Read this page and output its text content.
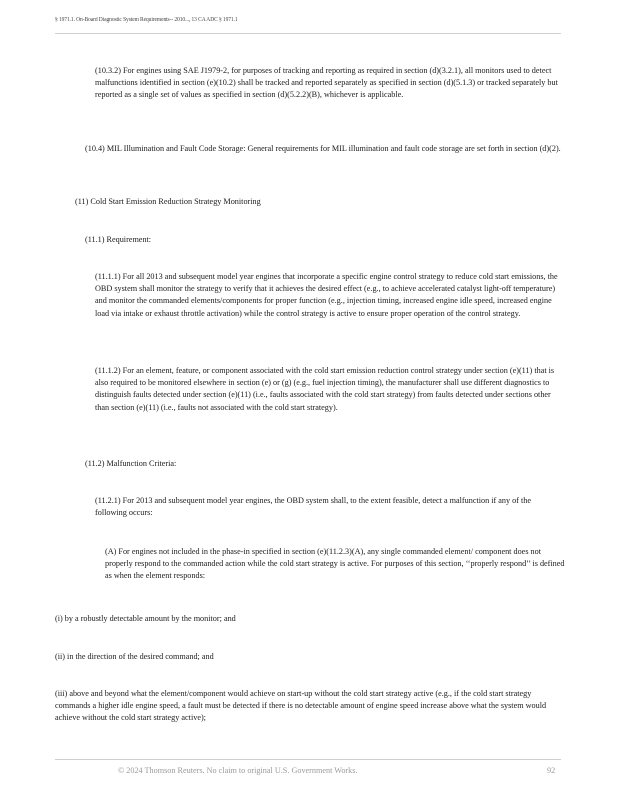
§ 1971.1. On-Board Diagnostic System Requirements-- 2010..., 13 CA ADC § 1971.1

(10.3.2) For engines using SAE J1979-2, for purposes of tracking and reporting as required in section (d)(3.2.1), all monitors used to detect malfunctions identified in section (e)(10.2) shall be tracked and reported separately as specified in section (d)(5.1.3) or tracked separately but reported as a single set of values as specified in section (d)(5.2.2)(B), whichever is applicable.

(10.4) MIL Illumination and Fault Code Storage: General requirements for MIL illumination and fault code storage are set forth in section (d)(2).

(11) Cold Start Emission Reduction Strategy Monitoring

(11.1) Requirement:

(11.1.1) For all 2013 and subsequent model year engines that incorporate a specific engine control strategy to reduce cold start emissions, the OBD system shall monitor the strategy to verify that it achieves the desired effect (e.g., to achieve accelerated catalyst light-off temperature) and monitor the commanded elements/components for proper function (e.g., injection timing, increased engine idle speed, increased engine load via intake or exhaust throttle activation) while the control strategy is active to ensure proper operation of the control strategy.

(11.1.2) For an element, feature, or component associated with the cold start emission reduction control strategy under section (e)(11) that is also required to be monitored elsewhere in section (e) or (g) (e.g., fuel injection timing), the manufacturer shall use different diagnostics to distinguish faults detected under section (e)(11) (i.e., faults associated with the cold start strategy) from faults detected under sections other than section (e)(11) (i.e., faults not associated with the cold start strategy).

(11.2) Malfunction Criteria:

(11.2.1) For 2013 and subsequent model year engines, the OBD system shall, to the extent feasible, detect a malfunction if any of the following occurs:

(A) For engines not included in the phase-in specified in section (e)(11.2.3)(A), any single commanded element/ component does not properly respond to the commanded action while the cold start strategy is active. For purposes of this section, ‘‘properly respond’’ is defined as when the element responds:

(i) by a robustly detectable amount by the monitor; and

(ii) in the direction of the desired command; and

(iii) above and beyond what the element/component would achieve on start-up without the cold start strategy active (e.g., if the cold start strategy commands a higher idle engine speed, a fault must be detected if there is no detectable amount of engine speed increase above what the system would achieve without the cold start strategy active);

© 2024 Thomson Reuters. No claim to original U.S. Government Works.	92
